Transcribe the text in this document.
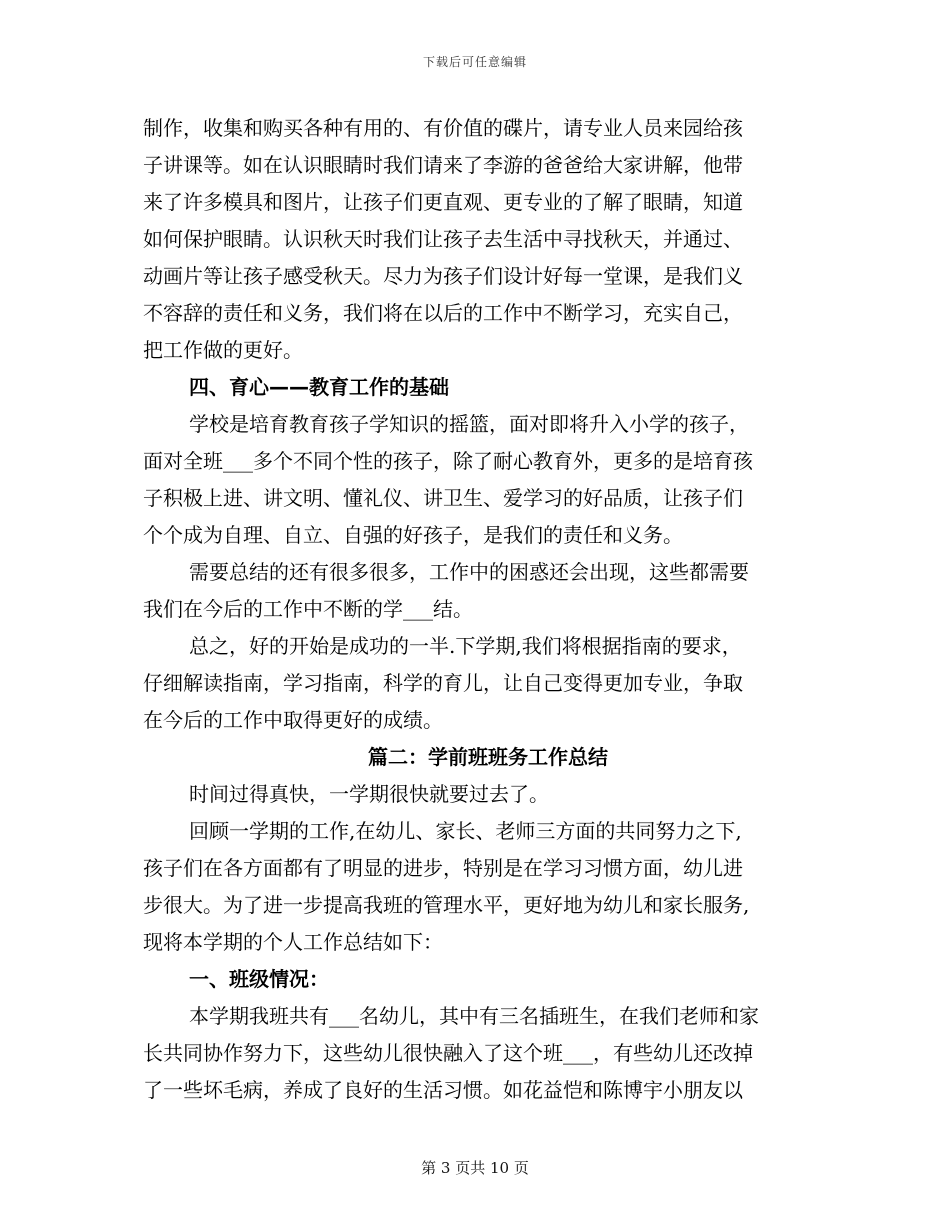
下载后可任意编辑
制作，收集和购买各种有用的、有价值的碟片，请专业人员来园给孩
子讲课等。如在认识眼睛时我们请来了李游的爸爸给大家讲解，他带
来了许多模具和图片，让孩子们更直观、更专业的了解了眼睛，知道
如何保护眼睛。认识秋天时我们让孩子去生活中寻找秋天，并通过、
动画片等让孩子感受秋天。尽力为孩子们设计好每一堂课，是我们义
不容辞的责任和义务，我们将在以后的工作中不断学习，充实自己，
把工作做的更好。
四、育心——教育工作的基础
学校是培育教育孩子学知识的摇篮，面对即将升入小学的孩子，
面对全班___多个不同个性的孩子，除了耐心教育外，更多的是培育孩
子积极上进、讲文明、懂礼仪、讲卫生、爱学习的好品质，让孩子们
个个成为自理、自立、自强的好孩子，是我们的责任和义务。
需要总结的还有很多很多，工作中的困惑还会出现，这些都需要
我们在今后的工作中不断的学___结。
总之，好的开始是成功的一半.下学期,我们将根据指南的要求，
仔细解读指南，学习指南，科学的育儿，让自己变得更加专业，争取
在今后的工作中取得更好的成绩。
篇二：学前班班务工作总结
时间过得真快，一学期很快就要过去了。
回顾一学期的工作,在幼儿、家长、老师三方面的共同努力之下,
孩子们在各方面都有了明显的进步，特别是在学习习惯方面，幼儿进
步很大。为了进一步提高我班的管理水平，更好地为幼儿和家长服务,
现将本学期的个人工作总结如下：
一、班级情况：
本学期我班共有___名幼儿，其中有三名插班生，在我们老师和家
长共同协作努力下，这些幼儿很快融入了这个班___，有些幼儿还改掉
了一些坏毛病，养成了良好的生活习惯。如花益恺和陈博宇小朋友以
第 3 页共 10 页
